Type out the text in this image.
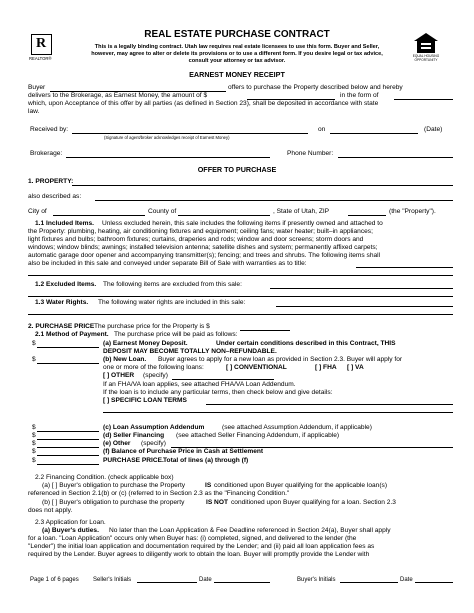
R
REALTOR®	EQUAL HOUSING OPPORTUNITY
REAL ESTATE PURCHASE CONTRACT
This is a legally binding contract. Utah law requires real estate licensees to use this form. Buyer and Seller,
however, may agree to alter or delete its provisions or to use a different form. If you desire legal or tax advice,
consult your attorney or tax advisor.
EARNEST MONEY RECEIPT
Buyer	offers to purchase the Property described below and hereby
delivers to the Brokerage, as Earnest Money, the amount of $	in the form of
which, upon Acceptance of this offer by all parties (as defined in Section 23), shall be deposited in accordance with state
law.
Received by:	on	(Date)
(Signature of agent/broker acknowledges receipt of Earnest Money)
Brokerage:	Phone Number:
OFFER TO PURCHASE
1. PROPERTY:
also described as:
City of	County of	, State of Utah, ZIP	(the "Property").
1.1 Included Items. Unless excluded herein, this sale includes the following items if presently owned and attached to
the Property: plumbing, heating, air conditioning fixtures and equipment; ceiling fans; water heater; built–in appliances;
light fixtures and bulbs; bathroom fixtures; curtains, draperies and rods; window and door screens; storm doors and
windows; window blinds; awnings; installed television antenna; satellite dishes and system; permanently affixed carpets;
automatic garage door opener and accompanying transmitter(s); fencing; and trees and shrubs. The following items shall
also be included in this sale and conveyed under separate Bill of Sale with warranties as to title:
1.2 Excluded Items. The following items are excluded from this sale:
1.3 Water Rights. The following water rights are included in this sale:
2. PURCHASE PRICE The purchase price for the Property is $
2.1 Method of Payment. The purchase price will be paid as follows:
$	(a) Earnest Money Deposit.	Under certain conditions described in this Contract, THIS
DEPOSIT MAY BECOME TOTALLY NON–REFUNDABLE.
$	(b) New Loan. Buyer agrees to apply for a new loan as provided in Section 2.3. Buyer will apply for
one or more of the following loans:	[ ] CONVENTIONAL	[ ] FHA [ ] VA
[ ] OTHER (specify)
If an FHA/VA loan applies, see attached FHA/VA Loan Addendum.
If the loan is to include any particular terms, then check below and give details:
[ ] SPECIFIC LOAN TERMS
$	(c) Loan Assumption Addendum	(see attached Assumption Addendum, if applicable)
$	(d) Seller Financing (see attached Seller Financing Addendum, if applicable)
$	(e) Other (specify)
$	(f) Balance of Purchase Price in Cash at Settlement
$	PURCHASE PRICE. Total of lines (a) through (f)
2.2 Financing Condition. (check applicable box)
(a) [ ] Buyer's obligation to purchase the Property	IS conditioned upon Buyer qualifying for the applicable loan(s)
referenced in Section 2.1(b) or (c) (referred to in Section 2.3 as the "Financing Condition."
(b) [ ] Buyer's obligation to purchase the property	IS NOT conditioned upon Buyer qualifying for a loan. Section 2.3
does not apply.
2.3 Application for Loan.
(a) Buyer's duties. No later than the Loan Application & Fee Deadline referenced in Section 24(a), Buyer shall apply
for a loan. "Loan Application" occurs only when Buyer has: (i) completed, signed, and delivered to the lender (the
"Lender") the initial loan application and documentation required by the Lender; and (ii) paid all loan application fees as
required by the Lender. Buyer agrees to diligently work to obtain the loan. Buyer will promptly provide the Lender with
Page 1 of 6 pages Seller's Initials	Date	Buyer's Initials	Date
